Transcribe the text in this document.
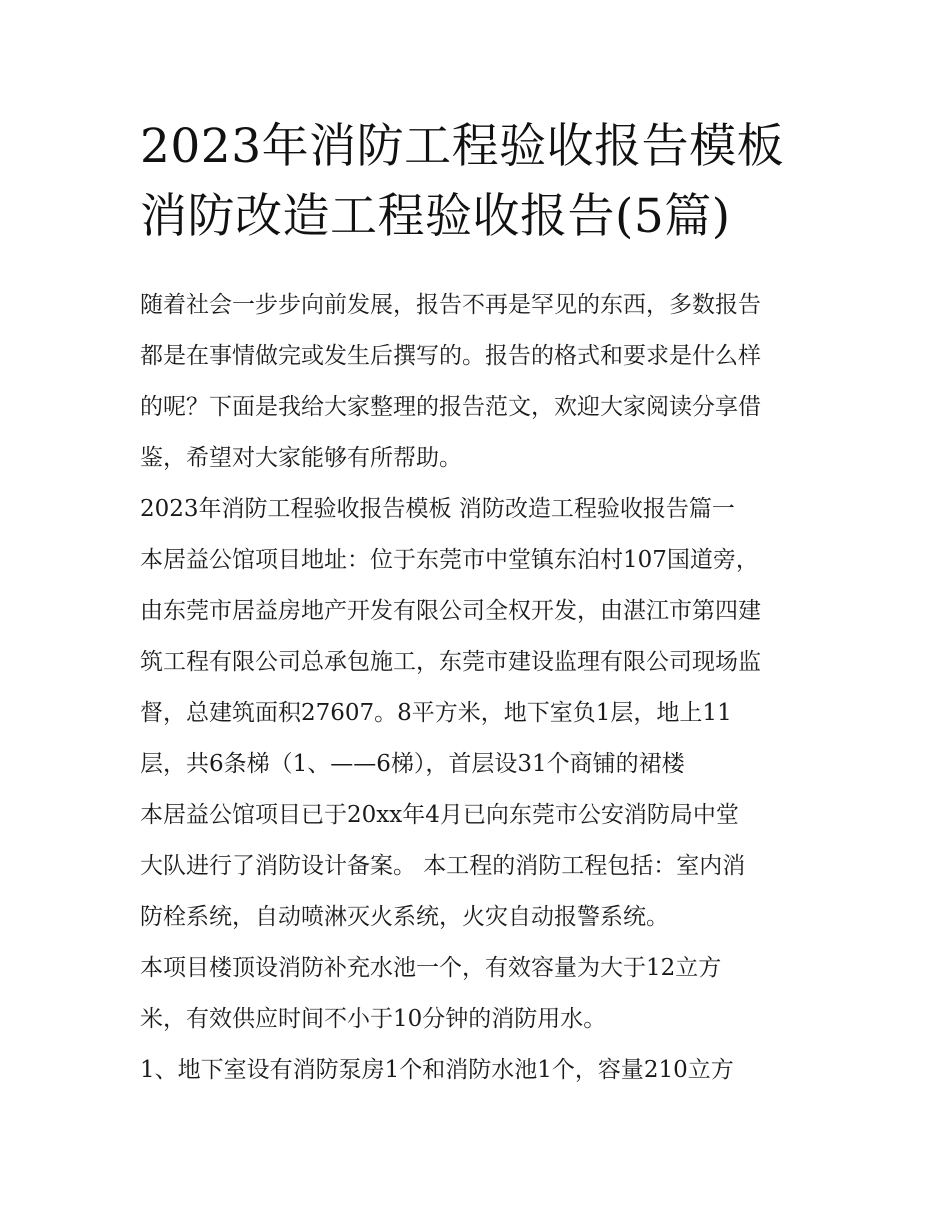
2023年消防工程验收报告模板
消防改造工程验收报告(5篇)

随着社会一步步向前发展，报告不再是罕见的东西，多数报告
都是在事情做完或发生后撰写的。报告的格式和要求是什么样
的呢？下面是我给大家整理的报告范文，欢迎大家阅读分享借
鉴，希望对大家能够有所帮助。

2023年消防工程验收报告模板 消防改造工程验收报告篇一

本居益公馆项目地址：位于东莞市中堂镇东泊村107国道旁，
由东莞市居益房地产开发有限公司全权开发，由湛江市第四建
筑工程有限公司总承包施工，东莞市建设监理有限公司现场监
督，总建筑面积27607。8平方米，地下室负1层，地上11
层，共6条梯（1、——6梯），首层设31个商铺的裙楼

本居益公馆项目已于20xx年4月已向东莞市公安消防局中堂
大队进行了消防设计备案。 本工程的消防工程包括：室内消
防栓系统，自动喷淋灭火系统，火灾自动报警系统。

本项目楼顶设消防补充水池一个，有效容量为大于12立方
米，有效供应时间不小于10分钟的消防用水。

1、地下室设有消防泵房1个和消防水池1个，容量210立方
